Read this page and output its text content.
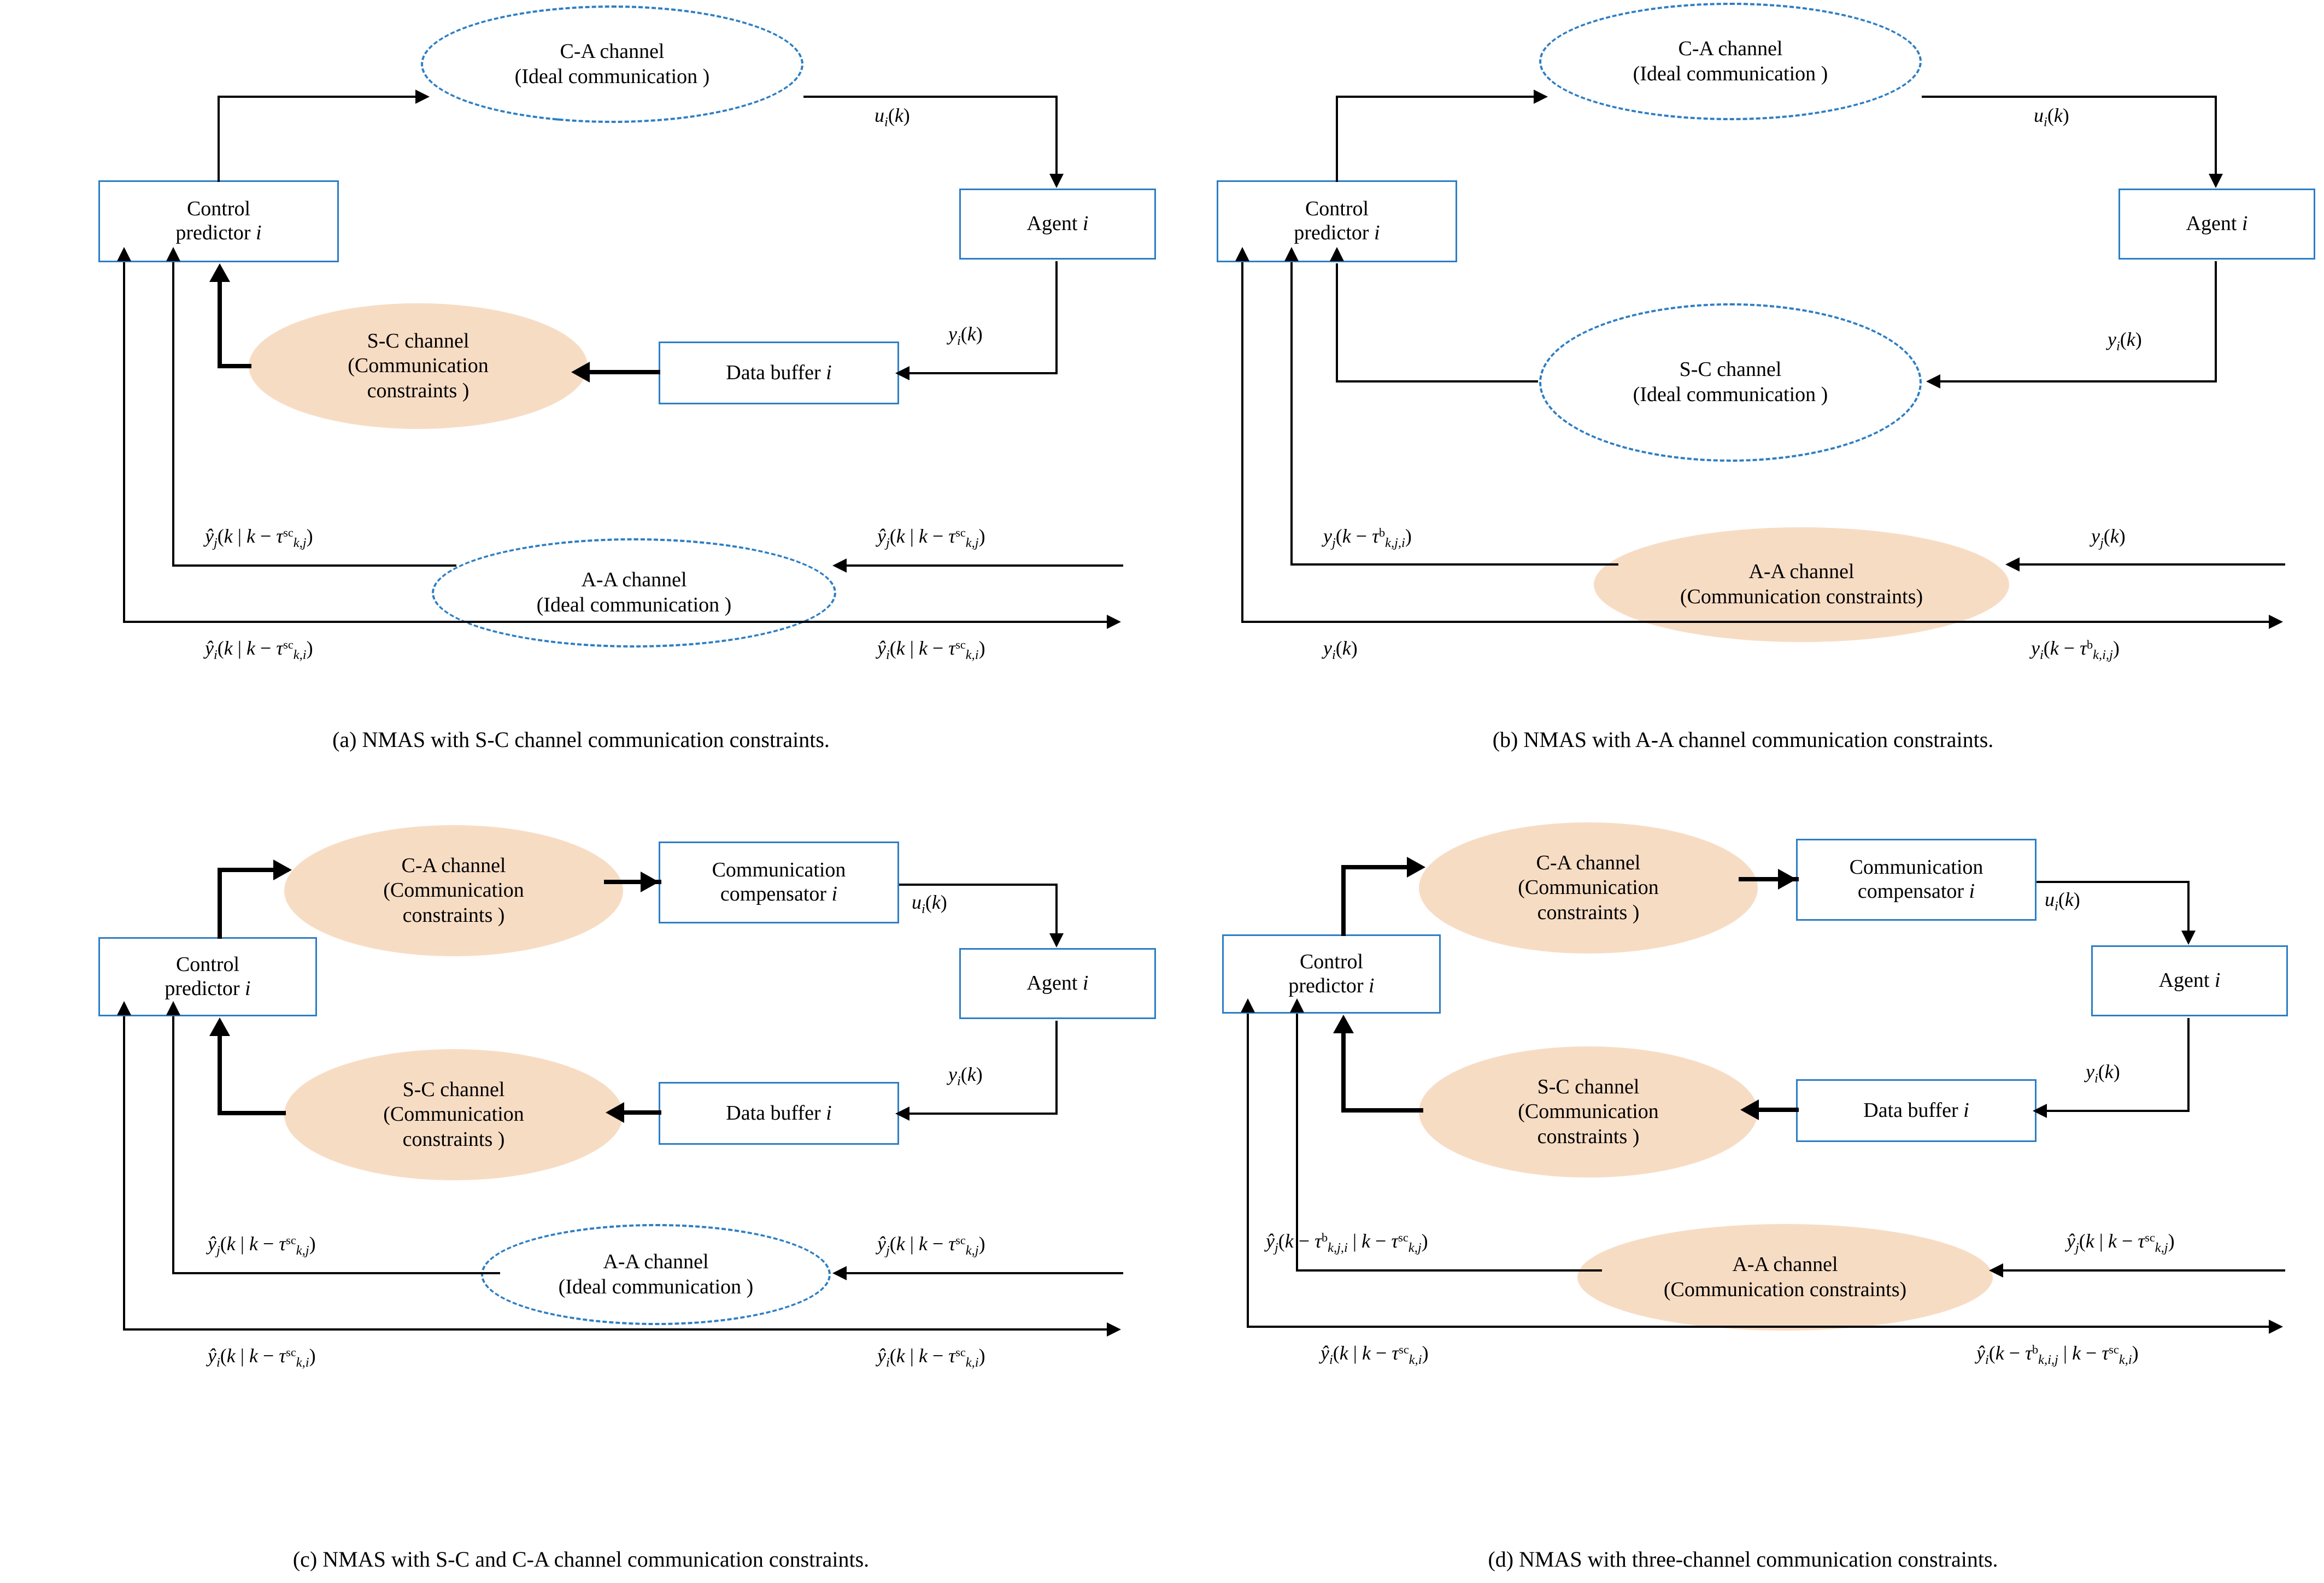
C-A channel
(Ideal communication )
S-C channel
(Communication
constraints )
A-A channel
(Ideal communication )
Control
predictor i	Agent i
Data buffer i
$u_i(k)$
$y_i(k)$
$ŷ_j(k$ | $k - \tau^{sc}_{k,j}$)
$ŷ_i(k$ | $k - \tau^{sc}_{k,i}$)
$ŷ_j(k$ | $k - \tau^{sc}_{k,j}$)
$ŷ_i(k$ | $k - \tau^{sc}_{k,i}$)
(a) NMAS with S-C channel communication constraints.
C-A channel
(Ideal communication )
S-C channel
(Ideal communication )
A-A channel
(Communication constraints)
Control
predictor i	Agent i
$u_i(k)$
$y_i(k)$
$y_j(k - \tau^b_{k,j,i})$
$y_i(k)$
$y_j(k)$
$y_i(k - \tau^b_{k,i,j})$
(b) NMAS with A-A channel communication constraints.
C-A channel
(Communication
constraints )
S-C channel
(Communication
constraints )
A-A channel
(Ideal communication )
Control
predictor i
Communication
compensator i
Agent i
Data buffer i
$u_i(k)$
$y_i(k)$
$ŷ_j(k$ | $k - \tau^{sc}_{k,j}$)
$ŷ_i(k$ | $k - \tau^{sc}_{k,i}$)
$ŷ_j(k$ | $k - \tau^{sc}_{k,j}$)
$ŷ_i(k$ | $k - \tau^{sc}_{k,i}$)
(c) NMAS with S-C and C-A channel communication constraints.
C-A channel
(Communication
constraints )
S-C channel
(Communication
constraints )
A-A channel
(Communication constraints)
Control
predictor i
Communication
compensator i
Agent i
Data buffer i
$u_i(k)$
$y_i(k)$
$ŷ_j(k - \tau^b_{k,j,i}$ | $k - \tau^{sc}_{k,j}$)
$ŷ_i(k$ | $k - \tau^{sc}_{k,i}$)
$ŷ_j(k$ | $k - \tau^{sc}_{k,j}$)
$ŷ_i(k - \tau^b_{k,i,j}$ | $k - \tau^{sc}_{k,i}$)
(d) NMAS with three-channel communication constraints.
